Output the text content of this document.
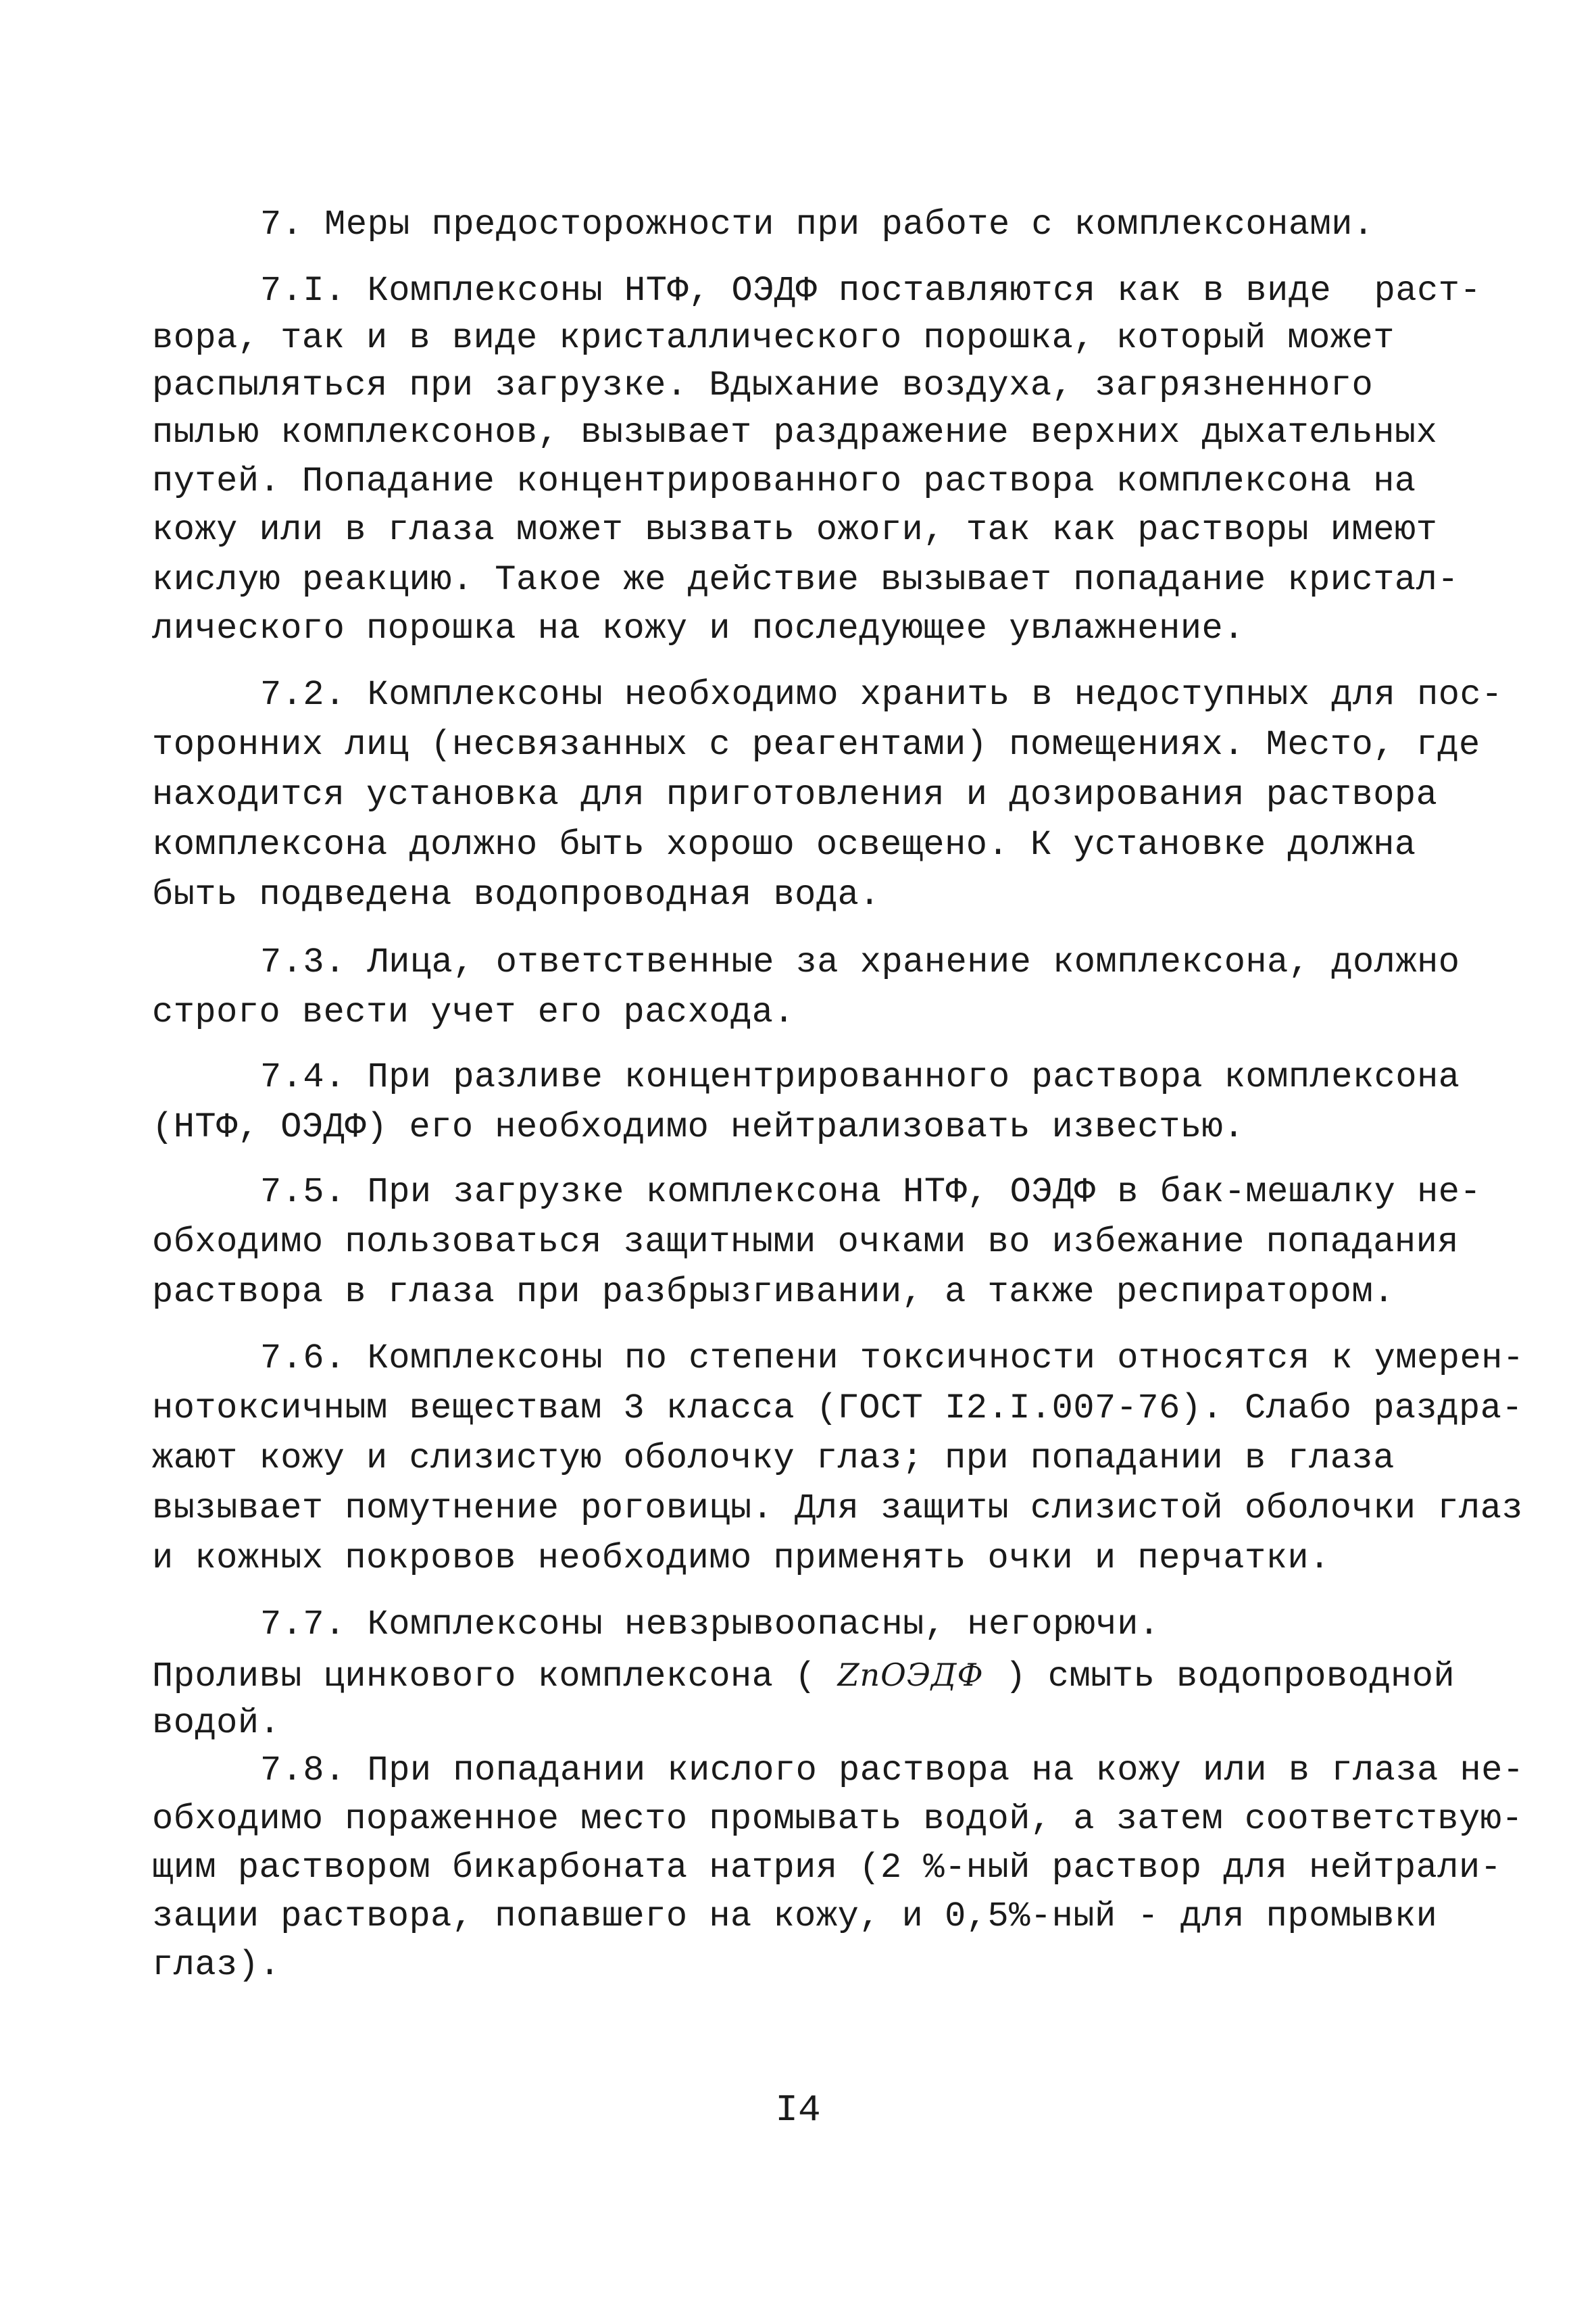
7. Меры предосторожности при работе с комплексонами.
7.I. Комплексоны НТФ, ОЭДФ поставляются как в виде  раст-
вора, так и в виде кристаллического порошка, который может
распыляться при загрузке. Вдыхание воздуха, загрязненного
пылью комплексонов, вызывает раздражение верхних дыхательных
путей. Попадание концентрированного раствора комплексона на
кожу или в глаза может вызвать ожоги, так как растворы имеют
кислую реакцию. Такое же действие вызывает попадание кристал-
лического порошка на кожу и последующее увлажнение.
7.2. Комплексоны необходимо хранить в недоступных для пос-
торонних лиц (несвязанных с реагентами) помещениях. Место, где
находится установка для приготовления и дозирования раствора
комплексона должно быть хорошо освещено. К установке должна
быть подведена водопроводная вода.
7.3. Лица, ответственные за хранение комплексона, должно
строго вести учет его расхода.
7.4. При разливе концентрированного раствора комплексона
(НТФ, ОЭДФ) его необходимо нейтрализовать известью.
7.5. При загрузке комплексона НТФ, ОЭДФ в бак-мешалку не-
обходимо пользоваться защитными очками во избежание попадания
раствора в глаза при разбрызгивании, а также респиратором.
7.6. Комплексоны по степени токсичности относятся к умерен-
нотоксичным веществам 3 класса (ГОСТ I2.I.007-76). Слабо раздра-
жают кожу и слизистую оболочку глаз; при попадании в глаза
вызывает помутнение роговицы. Для защиты слизистой оболочки глаз
и кожных покровов необходимо применять очки и перчатки.
7.7. Комплексоны невзрывоопасны, негорючи.
Проливы цинкового комплексона ( ZnОЭДФ ) смыть водопроводной
водой.
7.8. При попадании кислого раствора на кожу или в глаза не-
обходимо пораженное место промывать водой, а затем соответствую-
щим раствором бикарбоната натрия (2 %-ный раствор для нейтрали-
зации раствора, попавшего на кожу, и 0,5%-ный - для промывки
глаз).
I4
